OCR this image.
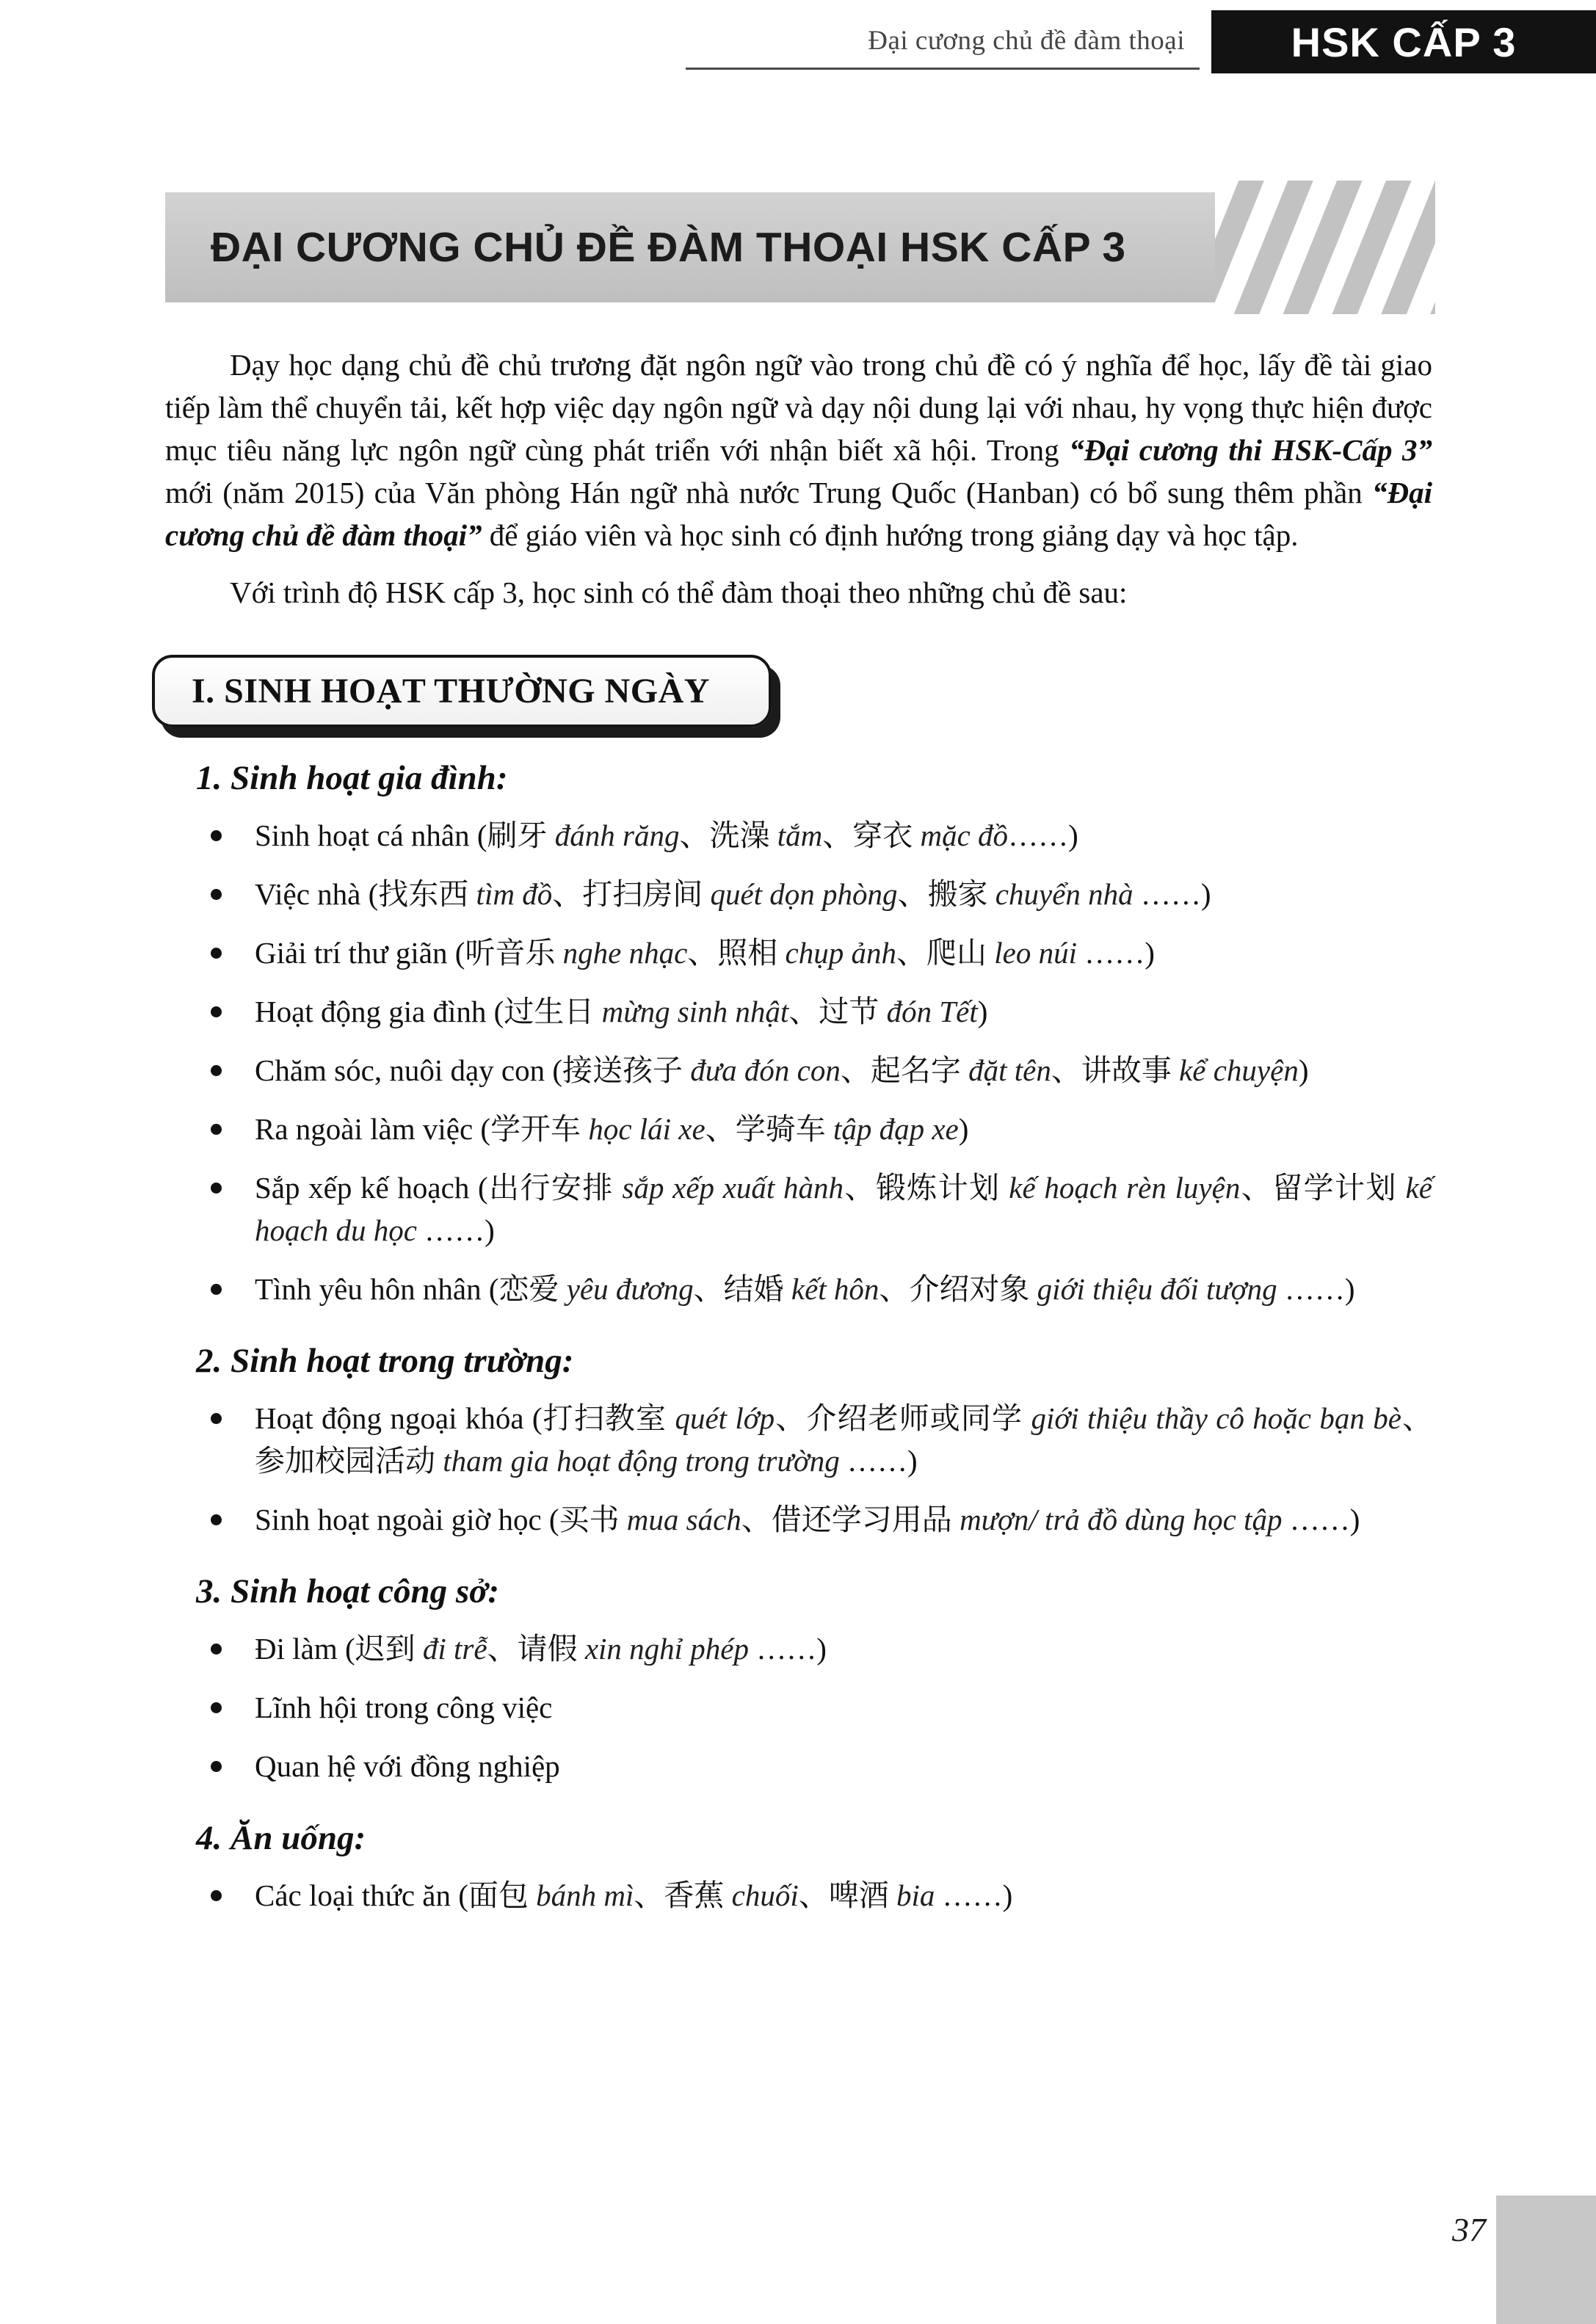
Đại cương chủ đề đàm thoại	HSK CẤP 3
ĐẠI CƯƠNG CHỦ ĐỀ ĐÀM THOẠI HSK CẤP 3

Dạy học dạng chủ đề chủ trương đặt ngôn ngữ vào trong chủ đề có ý nghĩa để học, lấy đề tài giao tiếp làm thể chuyển tải, kết hợp việc dạy ngôn ngữ và dạy nội dung lại với nhau, hy vọng thực hiện được mục tiêu năng lực ngôn ngữ cùng phát triển với nhận biết xã hội. Trong “Đại cương thi HSK-Cấp 3” mới (năm 2015) của Văn phòng Hán ngữ nhà nước Trung Quốc (Hanban) có bổ sung thêm phần “Đại cương chủ đề đàm thoại” để giáo viên và học sinh có định hướng trong giảng dạy và học tập.

Với trình độ HSK cấp 3, học sinh có thể đàm thoại theo những chủ đề sau:

I. SINH HOẠT THƯỜNG NGÀY
1. Sinh hoạt gia đình:
Sinh hoạt cá nhân (刷牙 đánh răng、洗澡 tắm、穿衣 mặc đồ……)
Việc nhà (找东西 tìm đồ、打扫房间 quét dọn phòng、搬家 chuyển nhà ……)
Giải trí thư giãn (听音乐 nghe nhạc、照相 chụp ảnh、爬山 leo núi ……)
Hoạt động gia đình (过生日 mừng sinh nhật、过节 đón Tết)
Chăm sóc, nuôi dạy con (接送孩子 đưa đón con、起名字 đặt tên、讲故事 kể chuyện)
Ra ngoài làm việc (学开车 học lái xe、学骑车 tập đạp xe)
Sắp xếp kế hoạch (出行安排 sắp xếp xuất hành、锻炼计划 kế hoạch rèn luyện、留学计划 kế hoạch du học ……)
Tình yêu hôn nhân (恋爱 yêu đương、结婚 kết hôn、介绍对象 giới thiệu đối tượng ……)
2. Sinh hoạt trong trường:
Hoạt động ngoại khóa (打扫教室 quét lớp、介绍老师或同学 giới thiệu thầy cô hoặc bạn bè、参加校园活动 tham gia hoạt động trong trường ……)
Sinh hoạt ngoài giờ học (买书 mua sách、借还学习用品 mượn/ trả đồ dùng học tập ……)
3. Sinh hoạt công sở:
Đi làm (迟到 đi trễ、请假 xin nghỉ phép ……)
Lĩnh hội trong công việc
Quan hệ với đồng nghiệp
4. Ăn uống:
Các loại thức ăn (面包 bánh mì、香蕉 chuối、啤酒 bia ……)
37
